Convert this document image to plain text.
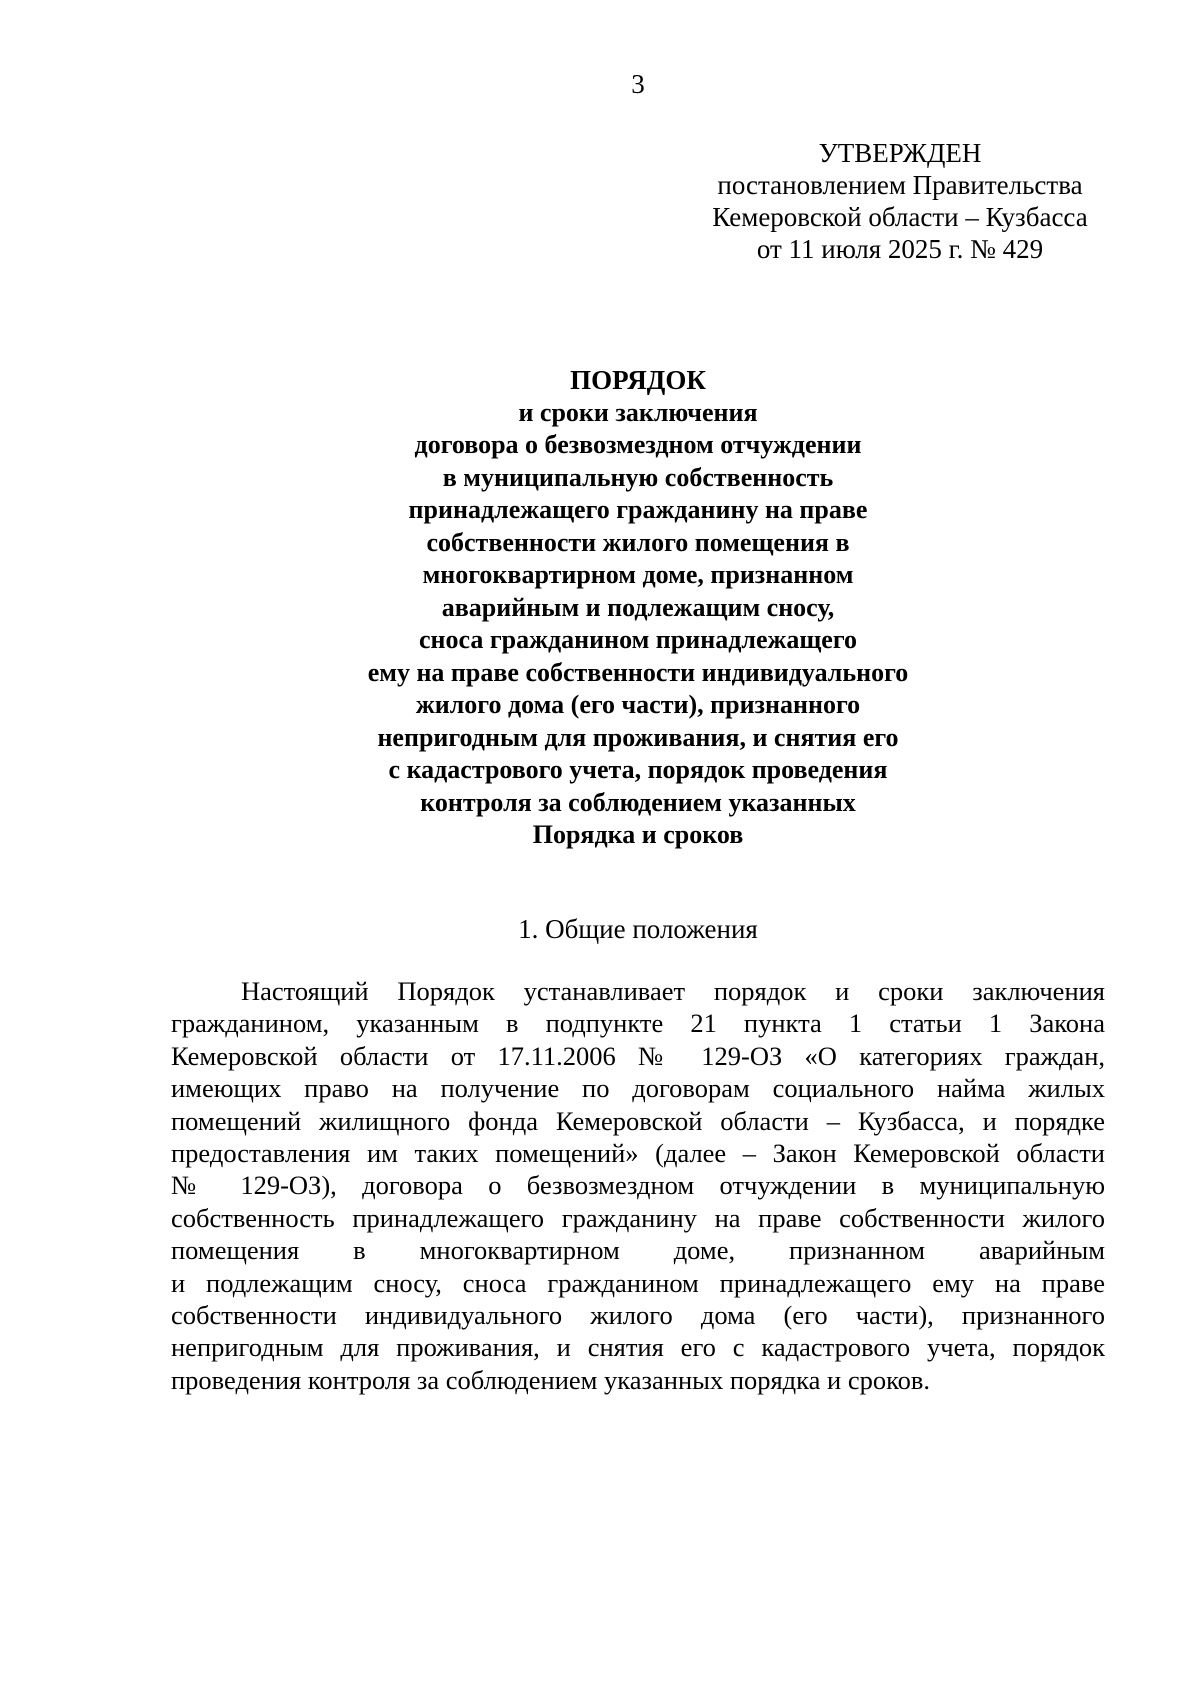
3
УТВЕРЖДЕН
постановлением Правительства
Кемеровской области – Кузбасса
от 11 июля 2025 г. № 429
ПОРЯДОК
и сроки заключения
договора о безвозмездном отчуждении
в муниципальную собственность
принадлежащего гражданину на праве
собственности жилого помещения в
многоквартирном доме, признанном
аварийным и подлежащим сносу,
сноса гражданином принадлежащего
ему на праве собственности индивидуального
жилого дома (его части), признанного
непригодным для проживания, и снятия его
с кадастрового учета, порядок проведения
контроля за соблюдением указанных
Порядка и сроков
1. Общие положения
Настоящий Порядок устанавливает порядок и сроки заключения
гражданином, указанным в подпункте 21 пункта 1 статьи 1 Закона
Кемеровской области от 17.11.2006 № 129-ОЗ «О категориях граждан,
имеющих право на получение по договорам социального найма жилых
помещений жилищного фонда Кемеровской области – Кузбасса, и порядке
предоставления им таких помещений» (далее – Закон Кемеровской области
№ 129-ОЗ), договора о безвозмездном отчуждении в муниципальную
собственность принадлежащего гражданину на праве собственности жилого
помещения в многоквартирном доме, признанном аварийным
и подлежащим сносу, сноса гражданином принадлежащего ему на праве
собственности индивидуального жилого дома (его части), признанного
непригодным для проживания, и снятия его с кадастрового учета, порядок
проведения контроля за соблюдением указанных порядка и сроков.
